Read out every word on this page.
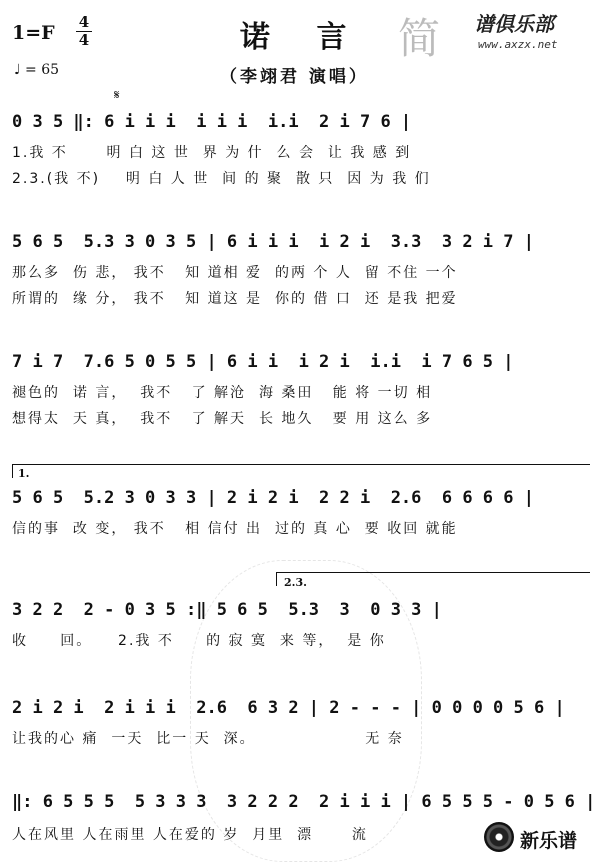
1=F 4
4
♩ = 65
诺 言
（李翊君 演唱）
简 谱俱乐部
www.axzx.net
𝄋
0 3 5 ‖: 6 i i i  i i i  i.i  2 i 7 6 |
1.我 不      明 白 这 世  界 为 什  么 会  让 我 感 到
2.3.(我 不)    明 白 人 世  间 的 聚  散 只  因 为 我 们
5 6 5  5.3 3 0 3 5 | 6 i i i  i 2 i  3.3  3 2 i 7 |
那么多  伤 悲， 我不   知 道相 爱  的两 个 人  留 不住 一个
所谓的  缘 分， 我不   知 道这 是  你的 借 口  还 是我 把爱
7 i 7  7.6 5 0 5 5 | 6 i i  i 2 i  i.i  i 7 6 5 |
褪色的  诺 言，  我不   了 解沧  海 桑田   能 将 一切 相
想得太  天 真，  我不   了 解天  长 地久   要 用 这么 多
1.
5 6 5  5.2 3 0 3 3 | 2 i 2 i  2 2 i  2.6  6 6 6 6 |
信的事  改 变， 我不   相 信付 出  过的 真 心  要 收回 就能
2.3.
3 2 2  2 - 0 3 5 :‖ 5 6 5  5.3  3  0 3 3 |
收     回。    2.我 不     的 寂 寞  来 等，  是 你
2 i 2 i  2 i i i  2.6  6 3 2 | 2 - - - | 0 0 0 0 5 6 |
让我的心 痛  一天  比一 天  深。                 无 奈
‖: 6 5 5 5  5 3 3 3  3 2 2 2  2 i i i | 6 5 5 5 - 0 5 6 |
人在风里 人在雨里 人在爱的 岁  月里  漂      流	新乐谱
